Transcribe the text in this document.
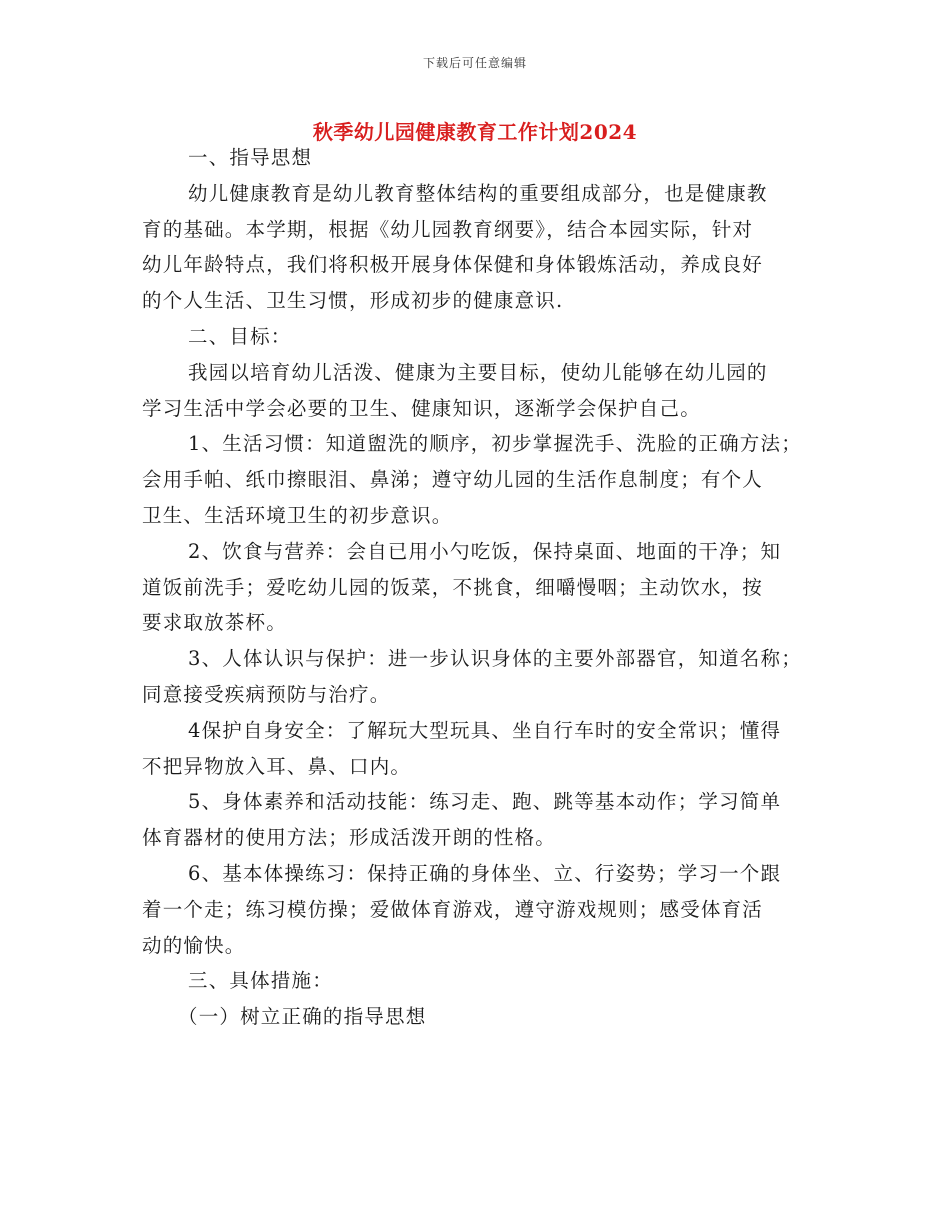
下载后可任意编辑
秋季幼儿园健康教育工作计划2024
一、指导思想
幼儿健康教育是幼儿教育整体结构的重要组成部分，也是健康教
育的基础。本学期，根据《幼儿园教育纲要》，结合本园实际，针对
幼儿年龄特点，我们将积极开展身体保健和身体锻炼活动，养成良好
的个人生活、卫生习惯，形成初步的健康意识.
二、目标：
我园以培育幼儿活泼、健康为主要目标，使幼儿能够在幼儿园的
学习生活中学会必要的卫生、健康知识，逐渐学会保护自己。
1、生活习惯：知道盥洗的顺序，初步掌握洗手、洗脸的正确方法；
会用手帕、纸巾擦眼泪、鼻涕；遵守幼儿园的生活作息制度；有个人
卫生、生活环境卫生的初步意识。
2、饮食与营养：会自已用小勺吃饭，保持桌面、地面的干净；知
道饭前洗手；爱吃幼儿园的饭菜，不挑食，细嚼慢咽；主动饮水，按
要求取放茶杯。
3、人体认识与保护：进一步认识身体的主要外部器官，知道名称；
同意接受疾病预防与治疗。
4保护自身安全：了解玩大型玩具、坐自行车时的安全常识；懂得
不把异物放入耳、鼻、口内。
5、身体素养和活动技能：练习走、跑、跳等基本动作；学习简单
体育器材的使用方法；形成活泼开朗的性格。
6、基本体操练习：保持正确的身体坐、立、行姿势；学习一个跟
着一个走；练习模仿操；爱做体育游戏，遵守游戏规则；感受体育活
动的愉快。
三、具体措施：
（一）树立正确的指导思想
